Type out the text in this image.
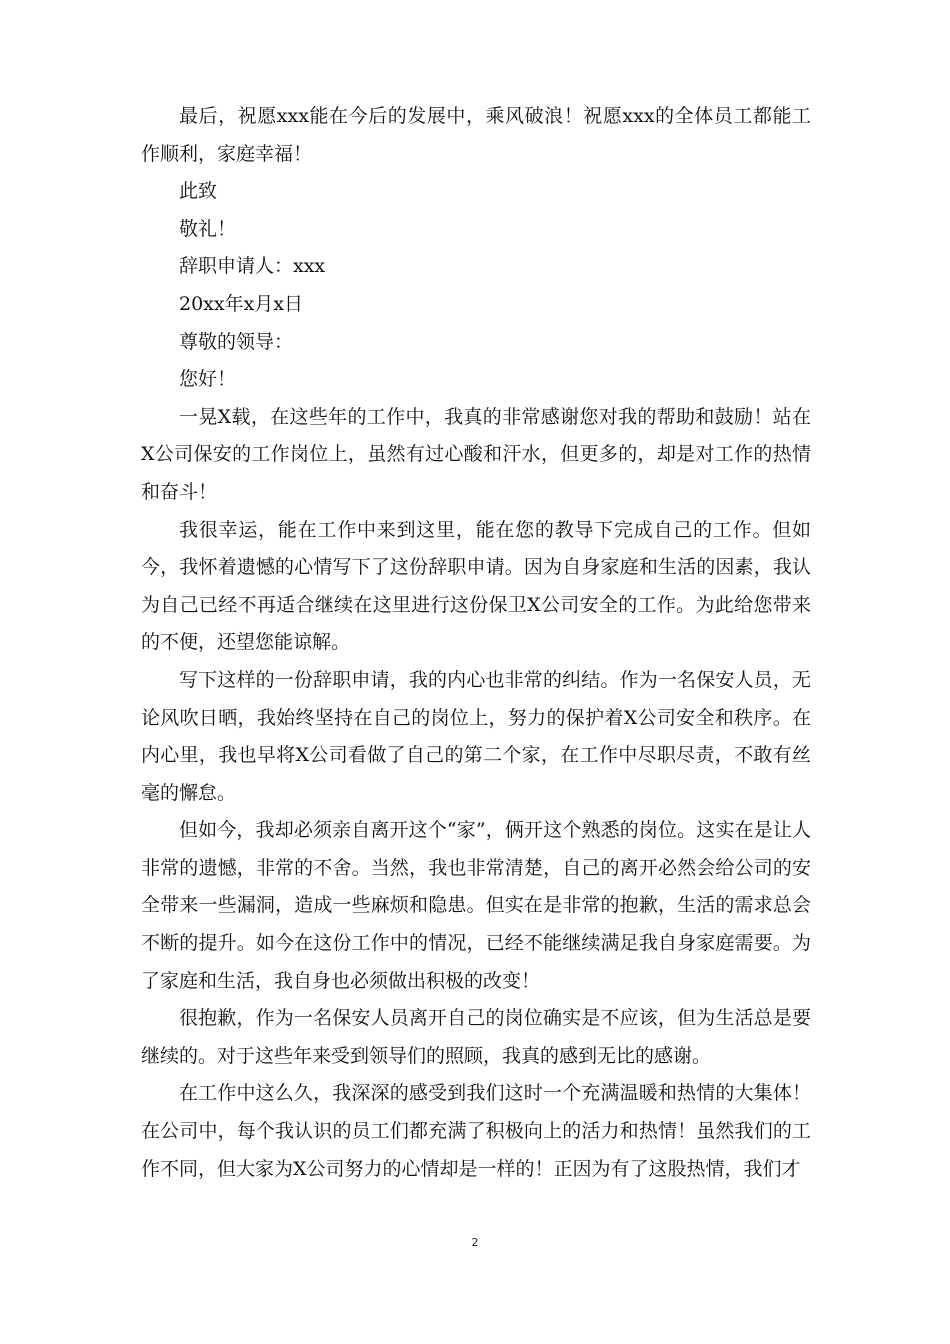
最后，祝愿xxx能在今后的发展中，乘风破浪！祝愿xxx的全体员工都能工作顺利，家庭幸福！

此致

敬礼！

辞职申请人：xxx

20xx年x月x日

尊敬的领导：

您好！

一晃X载，在这些年的工作中，我真的非常感谢您对我的帮助和鼓励！站在X公司保安的工作岗位上，虽然有过心酸和汗水，但更多的，却是对工作的热情和奋斗！

我很幸运，能在工作中来到这里，能在您的教导下完成自己的工作。但如今，我怀着遗憾的心情写下了这份辞职申请。因为自身家庭和生活的因素，我认为自己已经不再适合继续在这里进行这份保卫X公司安全的工作。为此给您带来的不便，还望您能谅解。

写下这样的一份辞职申请，我的内心也非常的纠结。作为一名保安人员，无论风吹日晒，我始终坚持在自己的岗位上，努力的保护着X公司安全和秩序。在内心里，我也早将X公司看做了自己的第二个家，在工作中尽职尽责，不敢有丝毫的懈怠。

但如今，我却必须亲自离开这个“家”，俩开这个熟悉的岗位。这实在是让人非常的遗憾，非常的不舍。当然，我也非常清楚，自己的离开必然会给公司的安全带来一些漏洞，造成一些麻烦和隐患。但实在是非常的抱歉，生活的需求总会不断的提升。如今在这份工作中的情况，已经不能继续满足我自身家庭需要。为了家庭和生活，我自身也必须做出积极的改变！

很抱歉，作为一名保安人员离开自己的岗位确实是不应该，但为生活总是要继续的。对于这些年来受到领导们的照顾，我真的感到无比的感谢。

在工作中这么久，我深深的感受到我们这时一个充满温暖和热情的大集体！在公司中，每个我认识的员工们都充满了积极向上的活力和热情！虽然我们的工作不同，但大家为X公司努力的心情却是一样的！正因为有了这股热情，我们才

2
